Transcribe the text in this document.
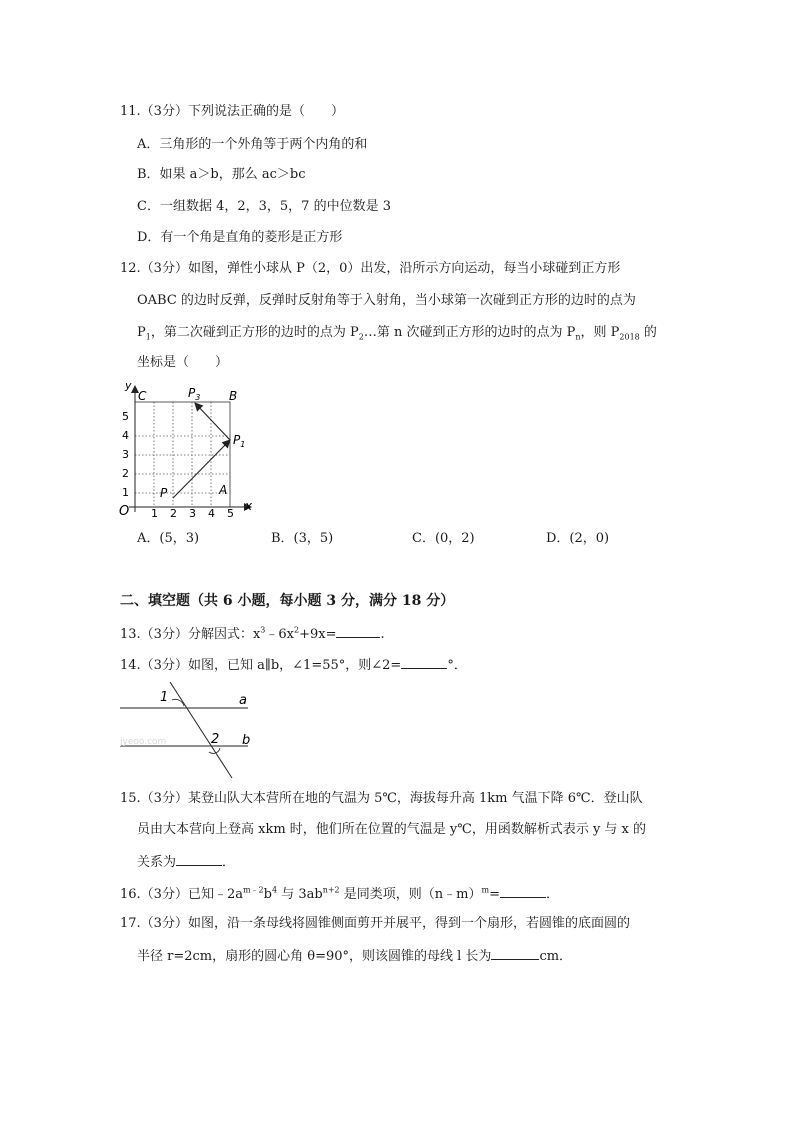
11.（3分）下列说法正确的是（　　）
A．三角形的一个外角等于两个内角的和
B．如果 a＞b，那么 ac＞bc
C．一组数据 4，2，3，5，7 的中位数是 3
D．有一个角是直角的菱形是正方形
12.（3分）如图，弹性小球从 P（2，0）出发，沿所示方向运动，每当小球碰到正方形
OABC 的边时反弹，反弹时反射角等于入射角，当小球第一次碰到正方形的边时的点为
$P_1$，第二次碰到正方形的边时的点为 $P_2\dots$第 n 次碰到正方形的边时的点为 $P_n$，则 $P_{2018}$ 的
坐标是（　　）
y
x
O
1
2
3
4
5
1 2 3 4 5
C	B
A
P
$P_3$
$P_1$
A．(5，3)	B．(3，5)	C．(0，2)	D．(2，0)
二、填空题（共 6 小题，每小题 3 分，满分 18 分）
13.（3分）分解因式：$x^3﹣6x^2+9x=$	.
14.（3分）如图，已知 a∥b，∠1=55°，则∠2=	°．
jyeoo.com
1
2
a
b
15.（3分）某登山队大本营所在地的气温为 5℃，海拔每升高 1km 气温下降 6℃．登山队
员由大本营向上登高 xkm 时，他们所在位置的气温是 y℃，用函数解析式表示 y 与 x 的
关系为	．
16.（3分）已知$﹣2a^{m﹣2}b^4$ 与 $3ab^{n+2}$ 是同类项，则（n﹣m）$^m$=	．
17.（3分）如图，沿一条母线将圆锥侧面剪开并展平，得到一个扇形，若圆锥的底面圆的
半径 r=2cm，扇形的圆心角 θ=90°，则该圆锥的母线 l 长为	cm．
